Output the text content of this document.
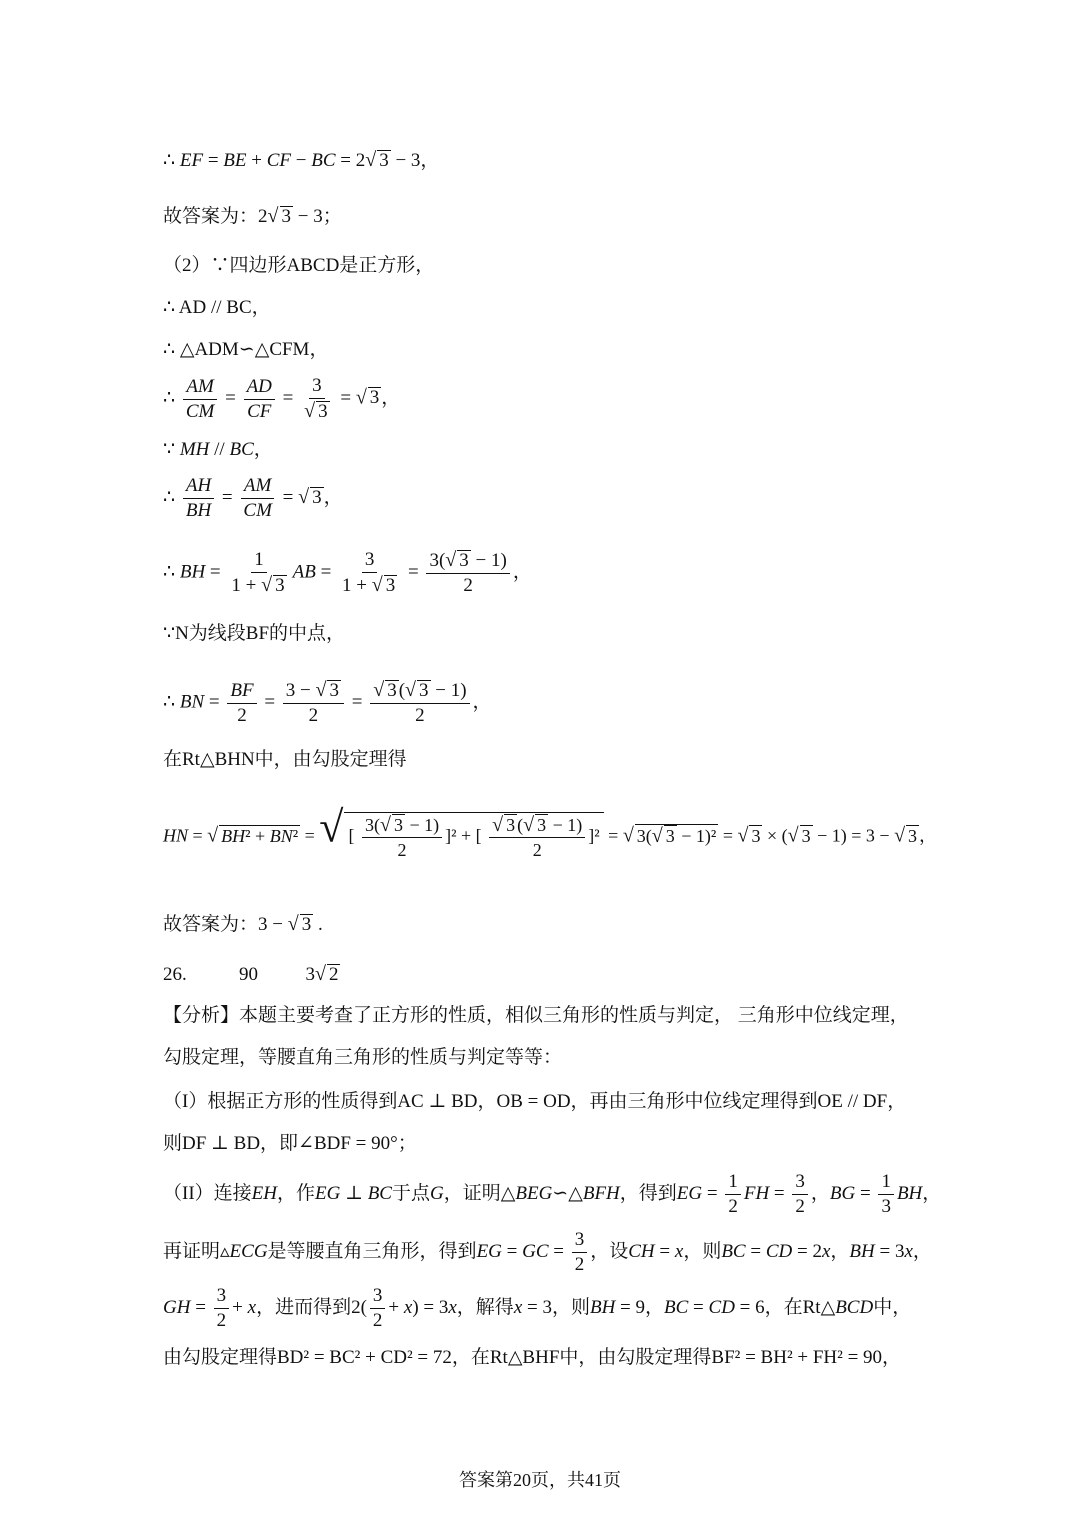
∴ EF = BE + CF − BC = 2√ 3 − 3，
故答案为：2√ 3 − 3；
（2）∵四边形ABCD是正方形，
∴ AD // BC，
∴ △ADM∽△CFM，
∴ $\frac{AM}{CM} = \frac{AD}{CF} = \frac{3}{√ 3}$ = √ 3 ，
∵ MH // BC，
∴ $\frac{AH}{BH} = \frac{AM}{CM}$ = √ 3 ，
∴ BH = $\frac{1}{1 + √ 3}$ AB = $\frac{3}{1 + √ 3} = \frac{3(√ 3 - 1)}{2}$ ，
∵N为线段BF的中点，
∴ BN = $\frac{BF}{2} = \frac{3 - √ 3}{2} = \frac{√ 3 (√ 3 - 1)}{2}$ ，
在Rt△BHN中，由勾股定理得
HN = √ BH² + BN² = √ [ $\frac{3(√ 3 - 1)}{2} ]^2$ + [ $\frac{√ 3 (√ 3 - 1)}{2} ]^2$ = √ 3(√ 3 − 1)² = √ 3 × (√ 3 − 1) = 3 − √ 3 ，
故答案为：3 − √ 3 .
26.           90          3√ 2
【分析】本题主要考查了正方形的性质，相似三角形的性质与判定， 三角形中位线定理，
勾股定理，等腰直角三角形的性质与判定等等：
（I）根据正方形的性质得到AC ⊥ BD，OB = OD，再由三角形中位线定理得到OE // DF，
则DF ⊥ BD，即∠BDF = 90°；
（II）连接EH，作EG ⊥ BC于点G，证明△BEG∽△BFH，得到EG = $\frac{1}{2}$ FH = $\frac{3}{2}$ ，BG = $\frac{1}{3}$ BH，
再证明▵ECG是等腰直角三角形，得到EG = GC = $\frac{3}{2}$ ，设CH = x，则BC = CD = 2x，BH = 3x，
GH = $\frac{3}{2} + x$，进而得到$2( \frac{3}{2} + x) = 3x$，解得x = 3，则BH = 9，BC = CD = 6，在Rt△BCD中，
由勾股定理得BD² = BC² + CD² = 72，在Rt△BHF中，由勾股定理得BF² = BH² + FH² = 90，
答案第20页，共41页
